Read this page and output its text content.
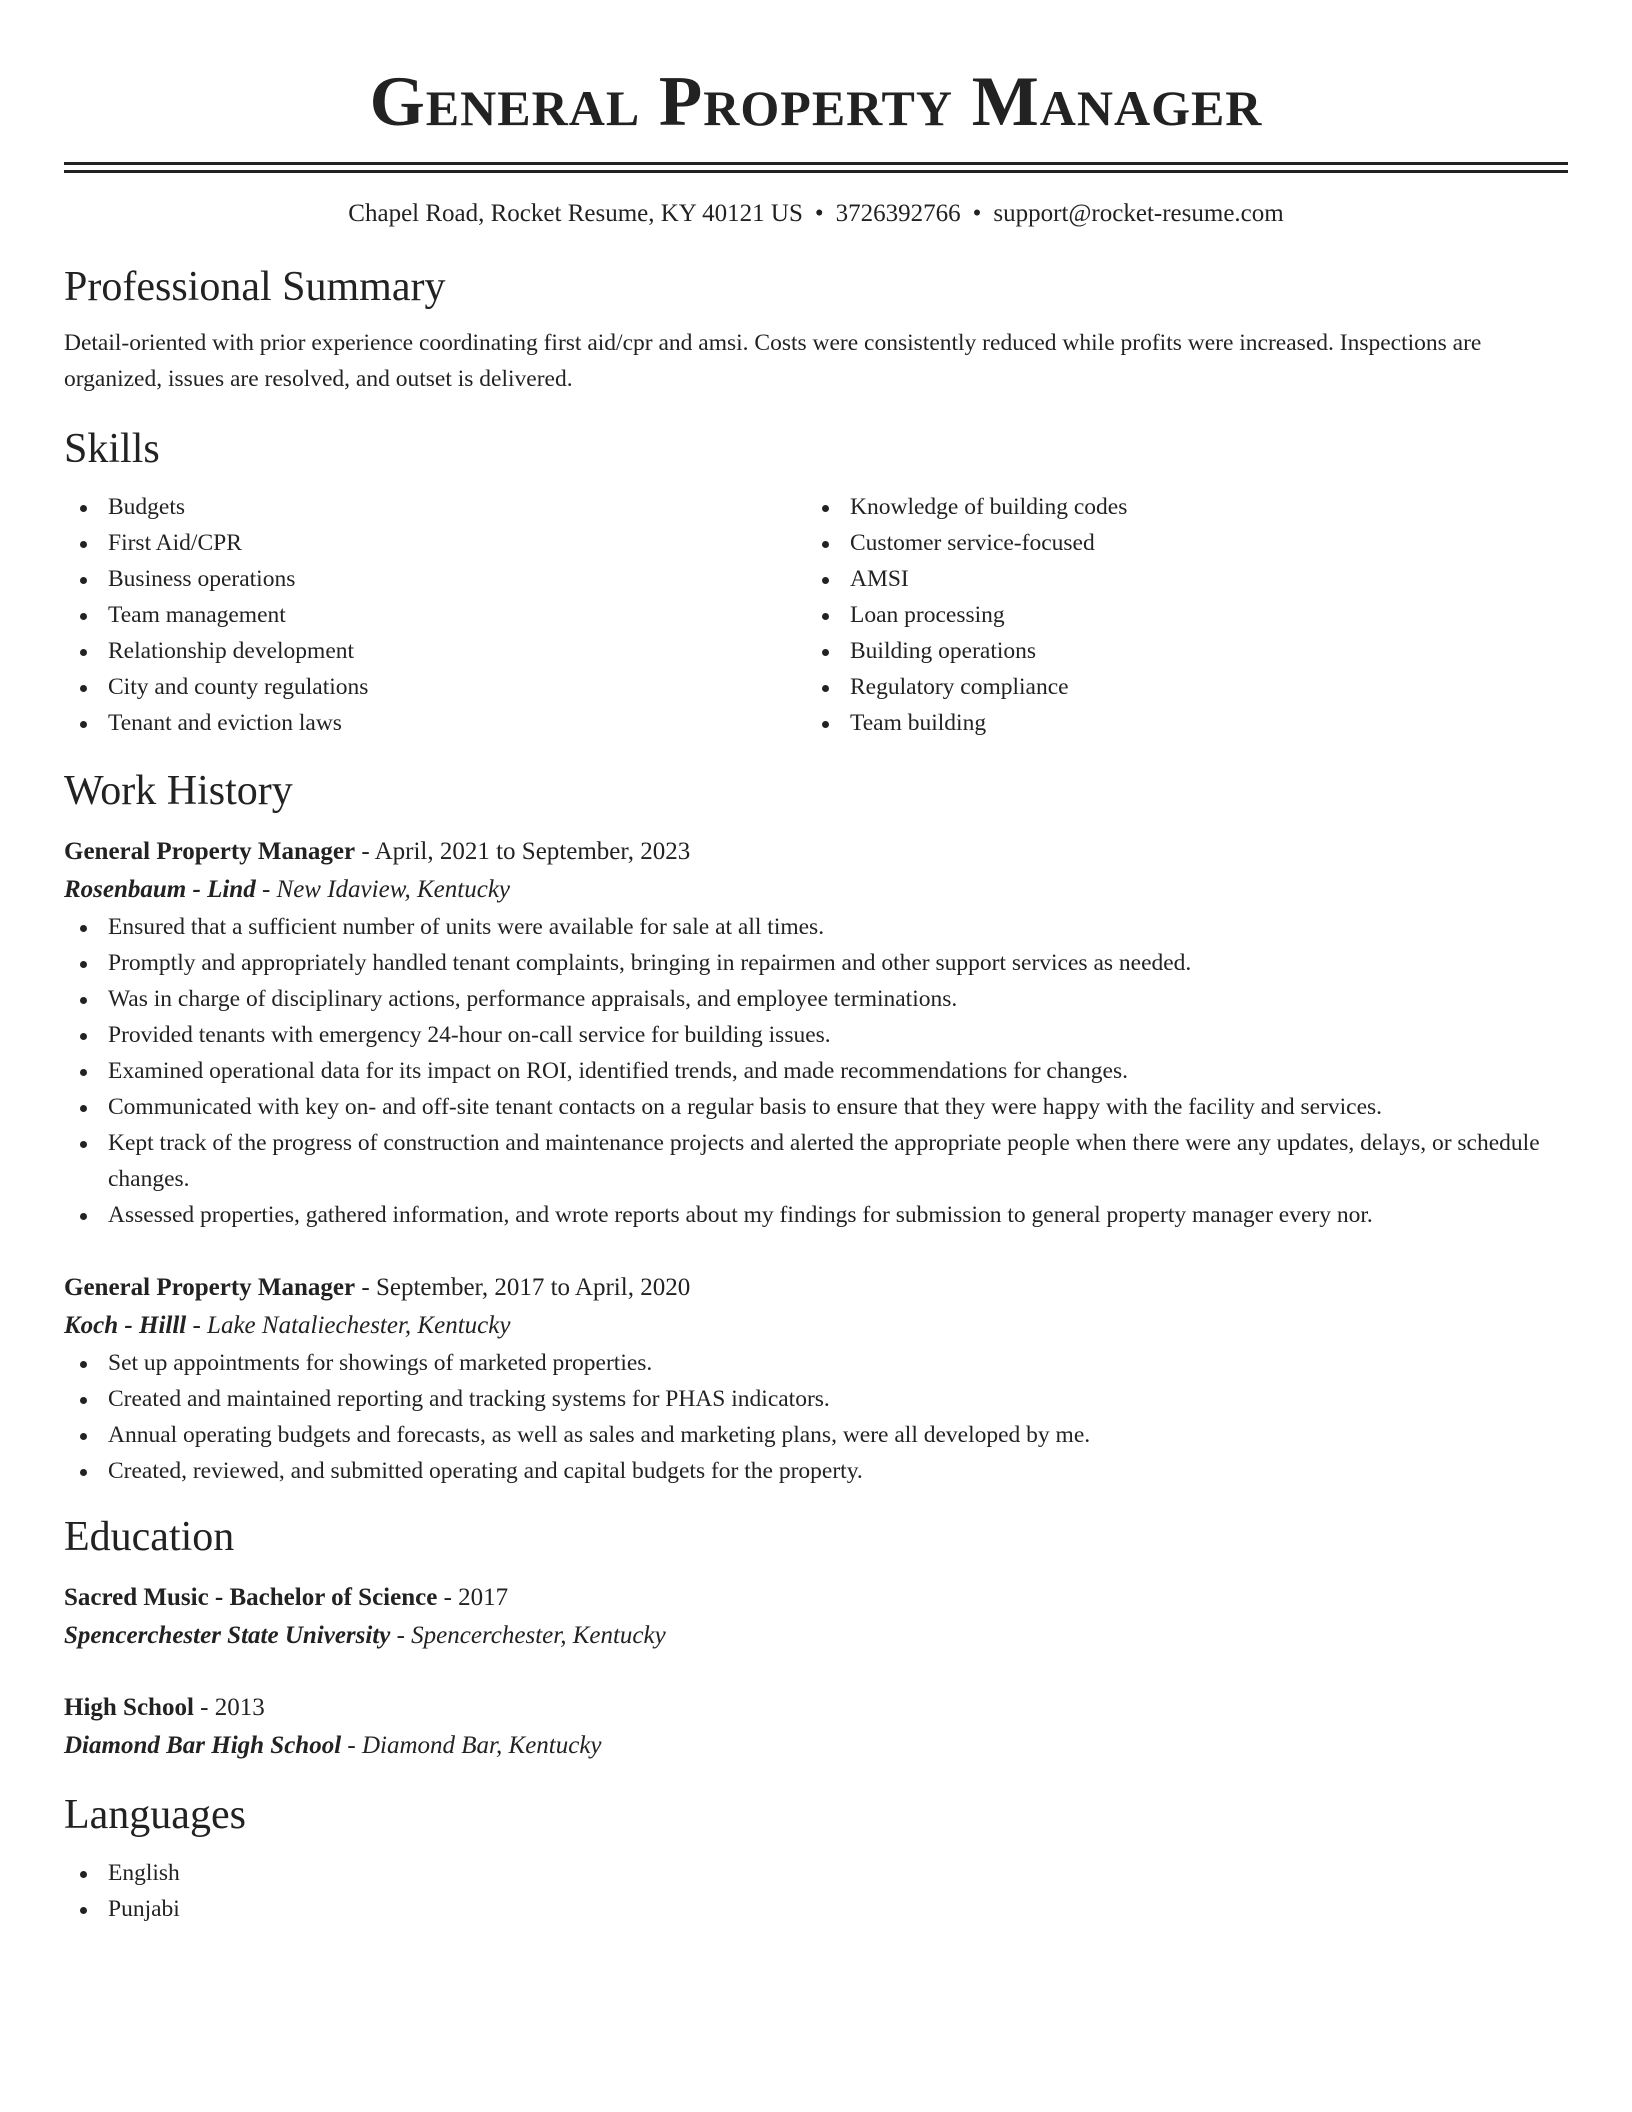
General Property Manager
Chapel Road, Rocket Resume, KY 40121 US • 3726392766 • support@rocket-resume.com
Professional Summary
Detail-oriented with prior experience coordinating first aid/cpr and amsi. Costs were consistently reduced while profits were increased. Inspections are organized, issues are resolved, and outset is delivered.
Skills
Budgets
First Aid/CPR
Business operations
Team management
Relationship development
City and county regulations
Tenant and eviction laws
Knowledge of building codes
Customer service-focused
AMSI
Loan processing
Building operations
Regulatory compliance
Team building
Work History
General Property Manager - April, 2021 to September, 2023
Rosenbaum - Lind - New Idaview, Kentucky
Ensured that a sufficient number of units were available for sale at all times.
Promptly and appropriately handled tenant complaints, bringing in repairmen and other support services as needed.
Was in charge of disciplinary actions, performance appraisals, and employee terminations.
Provided tenants with emergency 24-hour on-call service for building issues.
Examined operational data for its impact on ROI, identified trends, and made recommendations for changes.
Communicated with key on- and off-site tenant contacts on a regular basis to ensure that they were happy with the facility and services.
Kept track of the progress of construction and maintenance projects and alerted the appropriate people when there were any updates, delays, or schedule changes.
Assessed properties, gathered information, and wrote reports about my findings for submission to general property manager every nor.
General Property Manager - September, 2017 to April, 2020
Koch - Hilll - Lake Nataliechester, Kentucky
Set up appointments for showings of marketed properties.
Created and maintained reporting and tracking systems for PHAS indicators.
Annual operating budgets and forecasts, as well as sales and marketing plans, were all developed by me.
Created, reviewed, and submitted operating and capital budgets for the property.
Education
Sacred Music - Bachelor of Science - 2017
Spencerchester State University - Spencerchester, Kentucky
High School - 2013
Diamond Bar High School - Diamond Bar, Kentucky
Languages
English
Punjabi
